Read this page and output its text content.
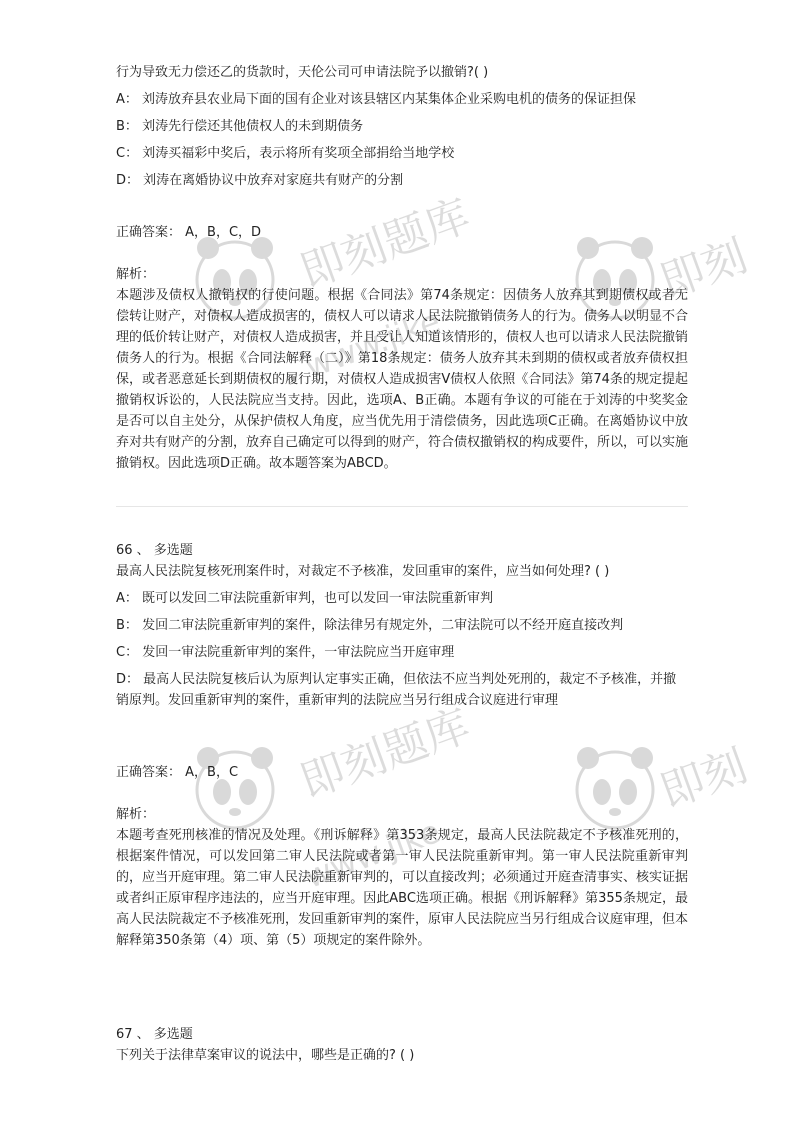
即刻题库
www.jike
即刻
即刻题库
www.jike
即刻
行为导致无力偿还乙的货款时，天伦公司可申请法院予以撤销?( )
A： 刘涛放弃县农业局下面的国有企业对该县辖区内某集体企业采购电机的债务的保证担保
B： 刘涛先行偿还其他债权人的未到期债务
C： 刘涛买福彩中奖后，表示将所有奖项全部捐给当地学校
D： 刘涛在离婚协议中放弃对家庭共有财产的分割
正确答案： A，B，C，D
解析：
本题涉及债权人撤销权的行使问题。根据《合同法》第74条规定：因债务人放弃其到期债权或者无偿转让财产，对债权人造成损害的，债权人可以请求人民法院撤销债务人的行为。债务人以明显不合理的低价转让财产，对债权人造成损害，并且受让人知道该情形的，债权人也可以请求人民法院撤销债务人的行为。根据《合同法解释（二）》第18条规定：债务人放弃其未到期的债权或者放弃债权担保，或者恶意延长到期债权的履行期，对债权人造成损害V债权人依照《合同法》第74条的规定提起撤销权诉讼的，人民法院应当支持。因此，选项A、B正确。本题有争议的可能在于刘涛的中奖奖金是否可以自主处分，从保护债权人角度，应当优先用于清偿债务，因此选项C正确。在离婚协议中放弃对共有财产的分割，放弃自己确定可以得到的财产，符合债权撤销权的构成要件，所以，可以实施撤销权。因此选项D正确。故本题答案为ABCD。
66 、 多选题
最高人民法院复核死刑案件时，对裁定不予核准，发回重审的案件，应当如何处理? ( )
A： 既可以发回二审法院重新审判，也可以发回一审法院重新审判
B： 发回二审法院重新审判的案件，除法律另有规定外，二审法院可以不经开庭直接改判
C： 发回一审法院重新审判的案件，一审法院应当开庭审理
D： 最高人民法院复核后认为原判认定事实正确，但依法不应当判处死刑的，裁定不予核准，并撤销原判。发回重新审判的案件，重新审判的法院应当另行组成合议庭进行审理
正确答案： A，B，C
解析：
本题考查死刑核准的情况及处理。《刑诉解释》第353条规定，最高人民法院裁定不予核准死刑的，根据案件情况，可以发回第二审人民法院或者第一审人民法院重新审判。第一审人民法院重新审判的，应当开庭审理。第二审人民法院重新审判的，可以直接改判；必须通过开庭查清事实、核实证据或者纠正原审程序违法的，应当开庭审理。因此ABC选项正确。根据《刑诉解释》第355条规定，最高人民法院裁定不予核准死刑，发回重新审判的案件，原审人民法院应当另行组成合议庭审理，但本解释第350条第（4）项、第（5）项规定的案件除外。
67 、 多选题
下列关于法律草案审议的说法中，哪些是正确的? ( )
